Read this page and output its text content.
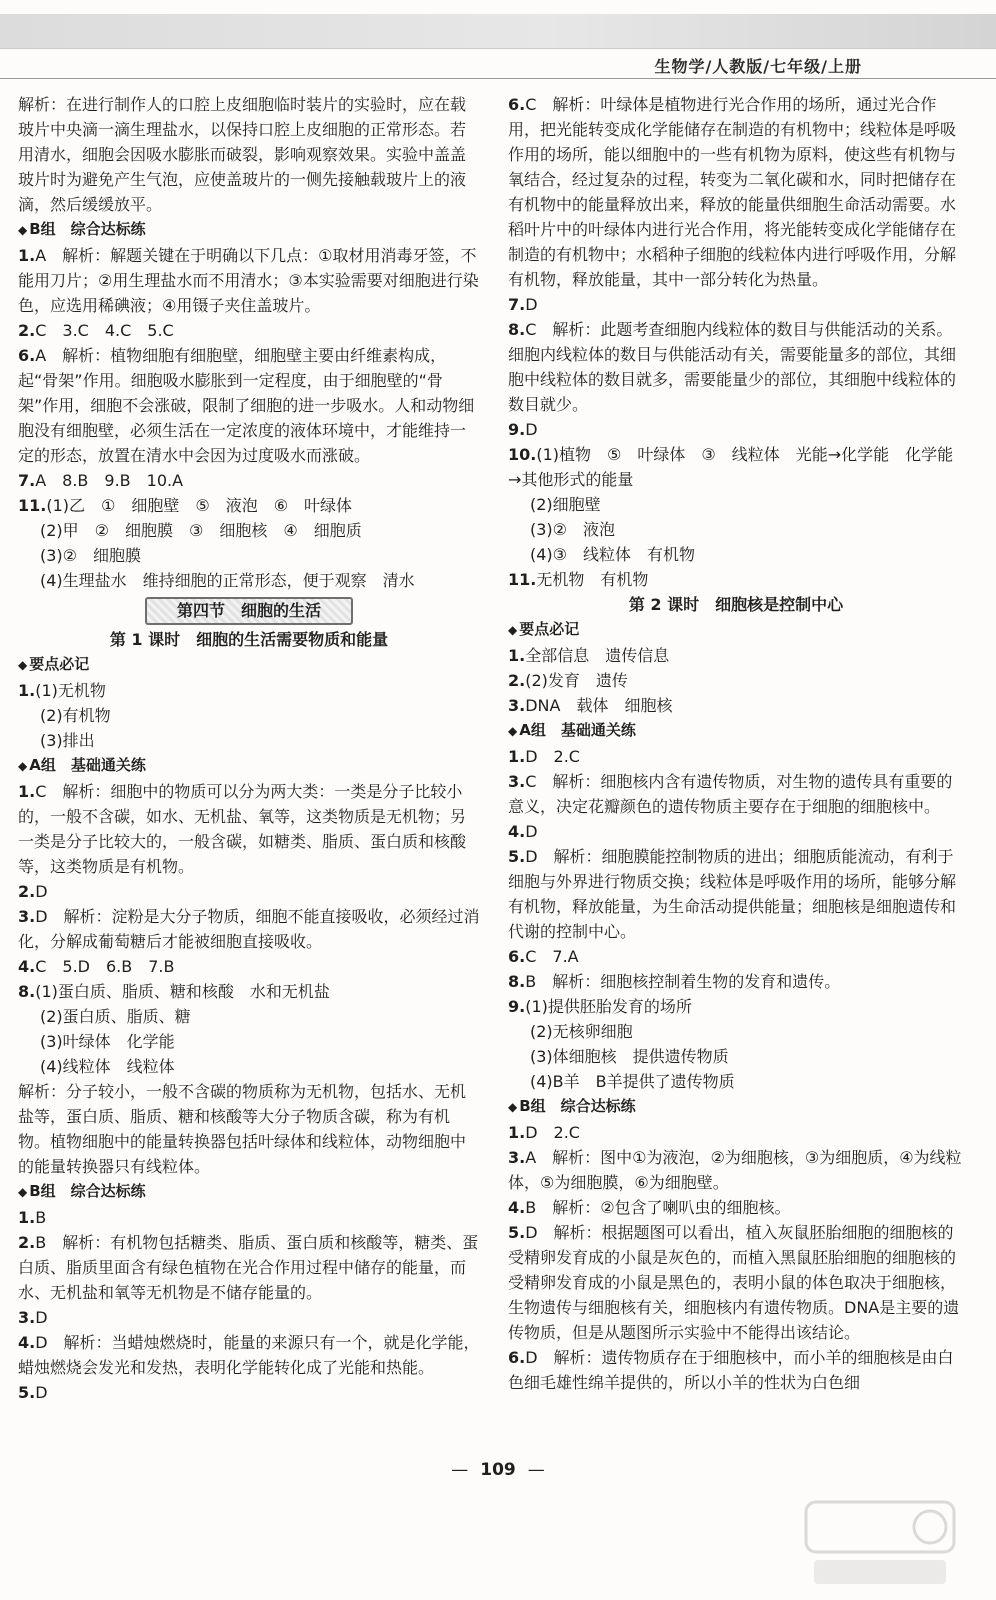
生物学/人教版/七年级/上册

解析：在进行制作人的口腔上皮细胞临时装片的实验时，应在载玻片中央滴一滴生理盐水，以保持口腔上皮细胞的正常形态。若用清水，细胞会因吸水膨胀而破裂，影响观察效果。实验中盖盖玻片时为避免产生气泡，应使盖玻片的一侧先接触载玻片上的液滴，然后缓缓放平。

◆ B组　综合达标练

1.A　解析：解题关键在于明确以下几点：①取材用消毒牙签，不能用刀片；②用生理盐水而不用清水；③本实验需要对细胞进行染色，应选用稀碘液；④用镊子夹住盖玻片。

2.C　3.C　4.C　5.C

6.A　解析：植物细胞有细胞壁，细胞壁主要由纤维素构成，起“骨架”作用。细胞吸水膨胀到一定程度，由于细胞壁的“骨架”作用，细胞不会涨破，限制了细胞的进一步吸水。人和动物细胞没有细胞壁，必须生活在一定浓度的液体环境中，才能维持一定的形态，放置在清水中会因为过度吸水而涨破。

7.A　8.B　9.B　10.A

11.(1)乙　①　细胞壁　⑤　液泡　⑥　叶绿体

(2)甲　②　细胞膜　③　细胞核　④　细胞质

(3)②　细胞膜

(4)生理盐水　维持细胞的正常形态，便于观察　清水

第四节　细胞的生活

第 1 课时　细胞的生活需要物质和能量

◆ 要点必记

1.(1)无机物

(2)有机物

(3)排出

◆ A组　基础通关练

1.C　解析：细胞中的物质可以分为两大类：一类是分子比较小的，一般不含碳，如水、无机盐、氧等，这类物质是无机物；另一类是分子比较大的，一般含碳，如糖类、脂质、蛋白质和核酸等，这类物质是有机物。

2.D

3.D　解析：淀粉是大分子物质，细胞不能直接吸收，必须经过消化，分解成葡萄糖后才能被细胞直接吸收。

4.C　5.D　6.B　7.B

8.(1)蛋白质、脂质、糖和核酸　水和无机盐

(2)蛋白质、脂质、糖

(3)叶绿体　化学能

(4)线粒体　线粒体

解析：分子较小，一般不含碳的物质称为无机物，包括水、无机盐等，蛋白质、脂质、糖和核酸等大分子物质含碳，称为有机物。植物细胞中的能量转换器包括叶绿体和线粒体，动物细胞中的能量转换器只有线粒体。

◆ B组　综合达标练

1.B

2.B　解析：有机物包括糖类、脂质、蛋白质和核酸等，糖类、蛋白质、脂质里面含有绿色植物在光合作用过程中储存的能量，而水、无机盐和氧等无机物是不储存能量的。

3.D

4.D　解析：当蜡烛燃烧时，能量的来源只有一个，就是化学能，蜡烛燃烧会发光和发热，表明化学能转化成了光能和热能。

5.D

6.C　解析：叶绿体是植物进行光合作用的场所，通过光合作用，把光能转变成化学能储存在制造的有机物中；线粒体是呼吸作用的场所，能以细胞中的一些有机物为原料，使这些有机物与氧结合，经过复杂的过程，转变为二氧化碳和水，同时把储存在有机物中的能量释放出来，释放的能量供细胞生命活动需要。水稻叶片中的叶绿体内进行光合作用，将光能转变成化学能储存在制造的有机物中；水稻种子细胞的线粒体内进行呼吸作用，分解有机物，释放能量，其中一部分转化为热量。

7.D

8.C　解析：此题考查细胞内线粒体的数目与供能活动的关系。细胞内线粒体的数目与供能活动有关，需要能量多的部位，其细胞中线粒体的数目就多，需要能量少的部位，其细胞中线粒体的数目就少。

9.D

10.(1)植物　⑤　叶绿体　③　线粒体　光能→化学能　化学能→其他形式的能量

(2)细胞壁

(3)②　液泡

(4)③　线粒体　有机物

11.无机物　有机物

第 2 课时　细胞核是控制中心

◆ 要点必记

1.全部信息　遗传信息

2.(2)发育　遗传

3.DNA　载体　细胞核

◆ A组　基础通关练

1.D　2.C

3.C　解析：细胞核内含有遗传物质，对生物的遗传具有重要的意义，决定花瓣颜色的遗传物质主要存在于细胞的细胞核中。

4.D

5.D　解析：细胞膜能控制物质的进出；细胞质能流动，有利于细胞与外界进行物质交换；线粒体是呼吸作用的场所，能够分解有机物，释放能量，为生命活动提供能量；细胞核是细胞遗传和代谢的控制中心。

6.C　7.A

8.B　解析：细胞核控制着生物的发育和遗传。

9.(1)提供胚胎发育的场所

(2)无核卵细胞

(3)体细胞核　提供遗传物质

(4)B羊　B羊提供了遗传物质

◆ B组　综合达标练

1.D　2.C

3.A　解析：图中①为液泡，②为细胞核，③为细胞质，④为线粒体，⑤为细胞膜，⑥为细胞壁。

4.B　解析：②包含了喇叭虫的细胞核。

5.D　解析：根据题图可以看出，植入灰鼠胚胎细胞的细胞核的受精卵发育成的小鼠是灰色的，而植入黑鼠胚胎细胞的细胞核的受精卵发育成的小鼠是黑色的，表明小鼠的体色取决于细胞核，生物遗传与细胞核有关，细胞核内有遗传物质。DNA是主要的遗传物质，但是从题图所示实验中不能得出该结论。

6.D　解析：遗传物质存在于细胞核中，而小羊的细胞核是由白色细毛雄性绵羊提供的，所以小羊的性状为白色细

— 109 —
